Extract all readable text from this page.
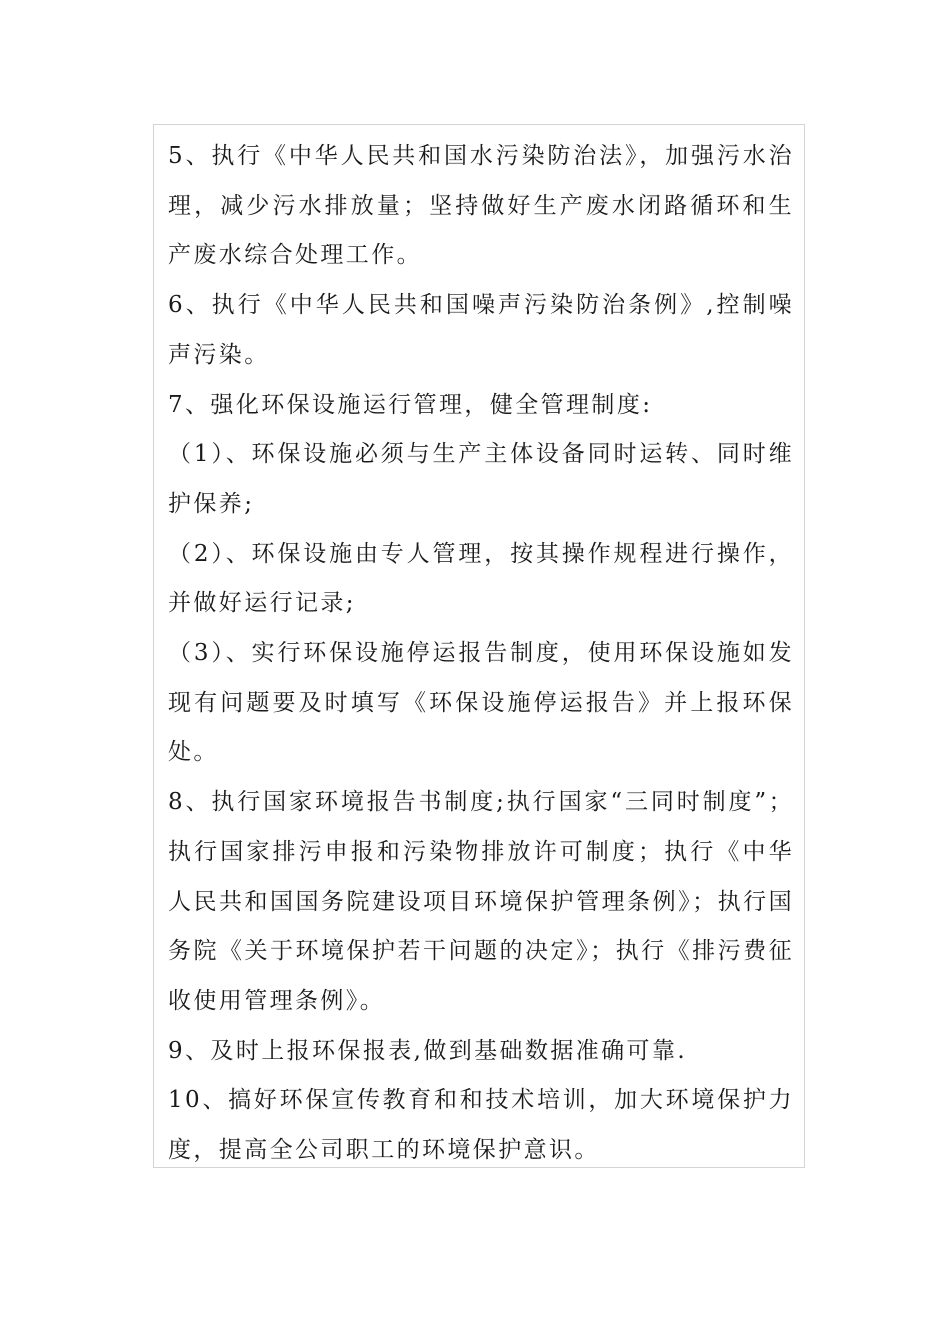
5、执行《中华人民共和国水污染防治法》，加强污水治理，减少污水排放量；坚持做好生产废水闭路循环和生产废水综合处理工作。

6、执行《中华人民共和国噪声污染防治条例》,控制噪声污染。

7、强化环保设施运行管理，健全管理制度:

（1）、环保设施必须与生产主体设备同时运转、同时维护保养;

（2）、环保设施由专人管理，按其操作规程进行操作，并做好运行记录;

（3）、实行环保设施停运报告制度，使用环保设施如发现有问题要及时填写《环保设施停运报告》并上报环保处。

8、执行国家环境报告书制度;执行国家“三同时制度”；执行国家排污申报和污染物排放许可制度；执行《中华人民共和国国务院建设项目环境保护管理条例》；执行国务院《关于环境保护若干问题的决定》；执行《排污费征收使用管理条例》。

9、及时上报环保报表,做到基础数据准确可靠.

10、搞好环保宣传教育和和技术培训，加大环境保护力度，提高全公司职工的环境保护意识。
